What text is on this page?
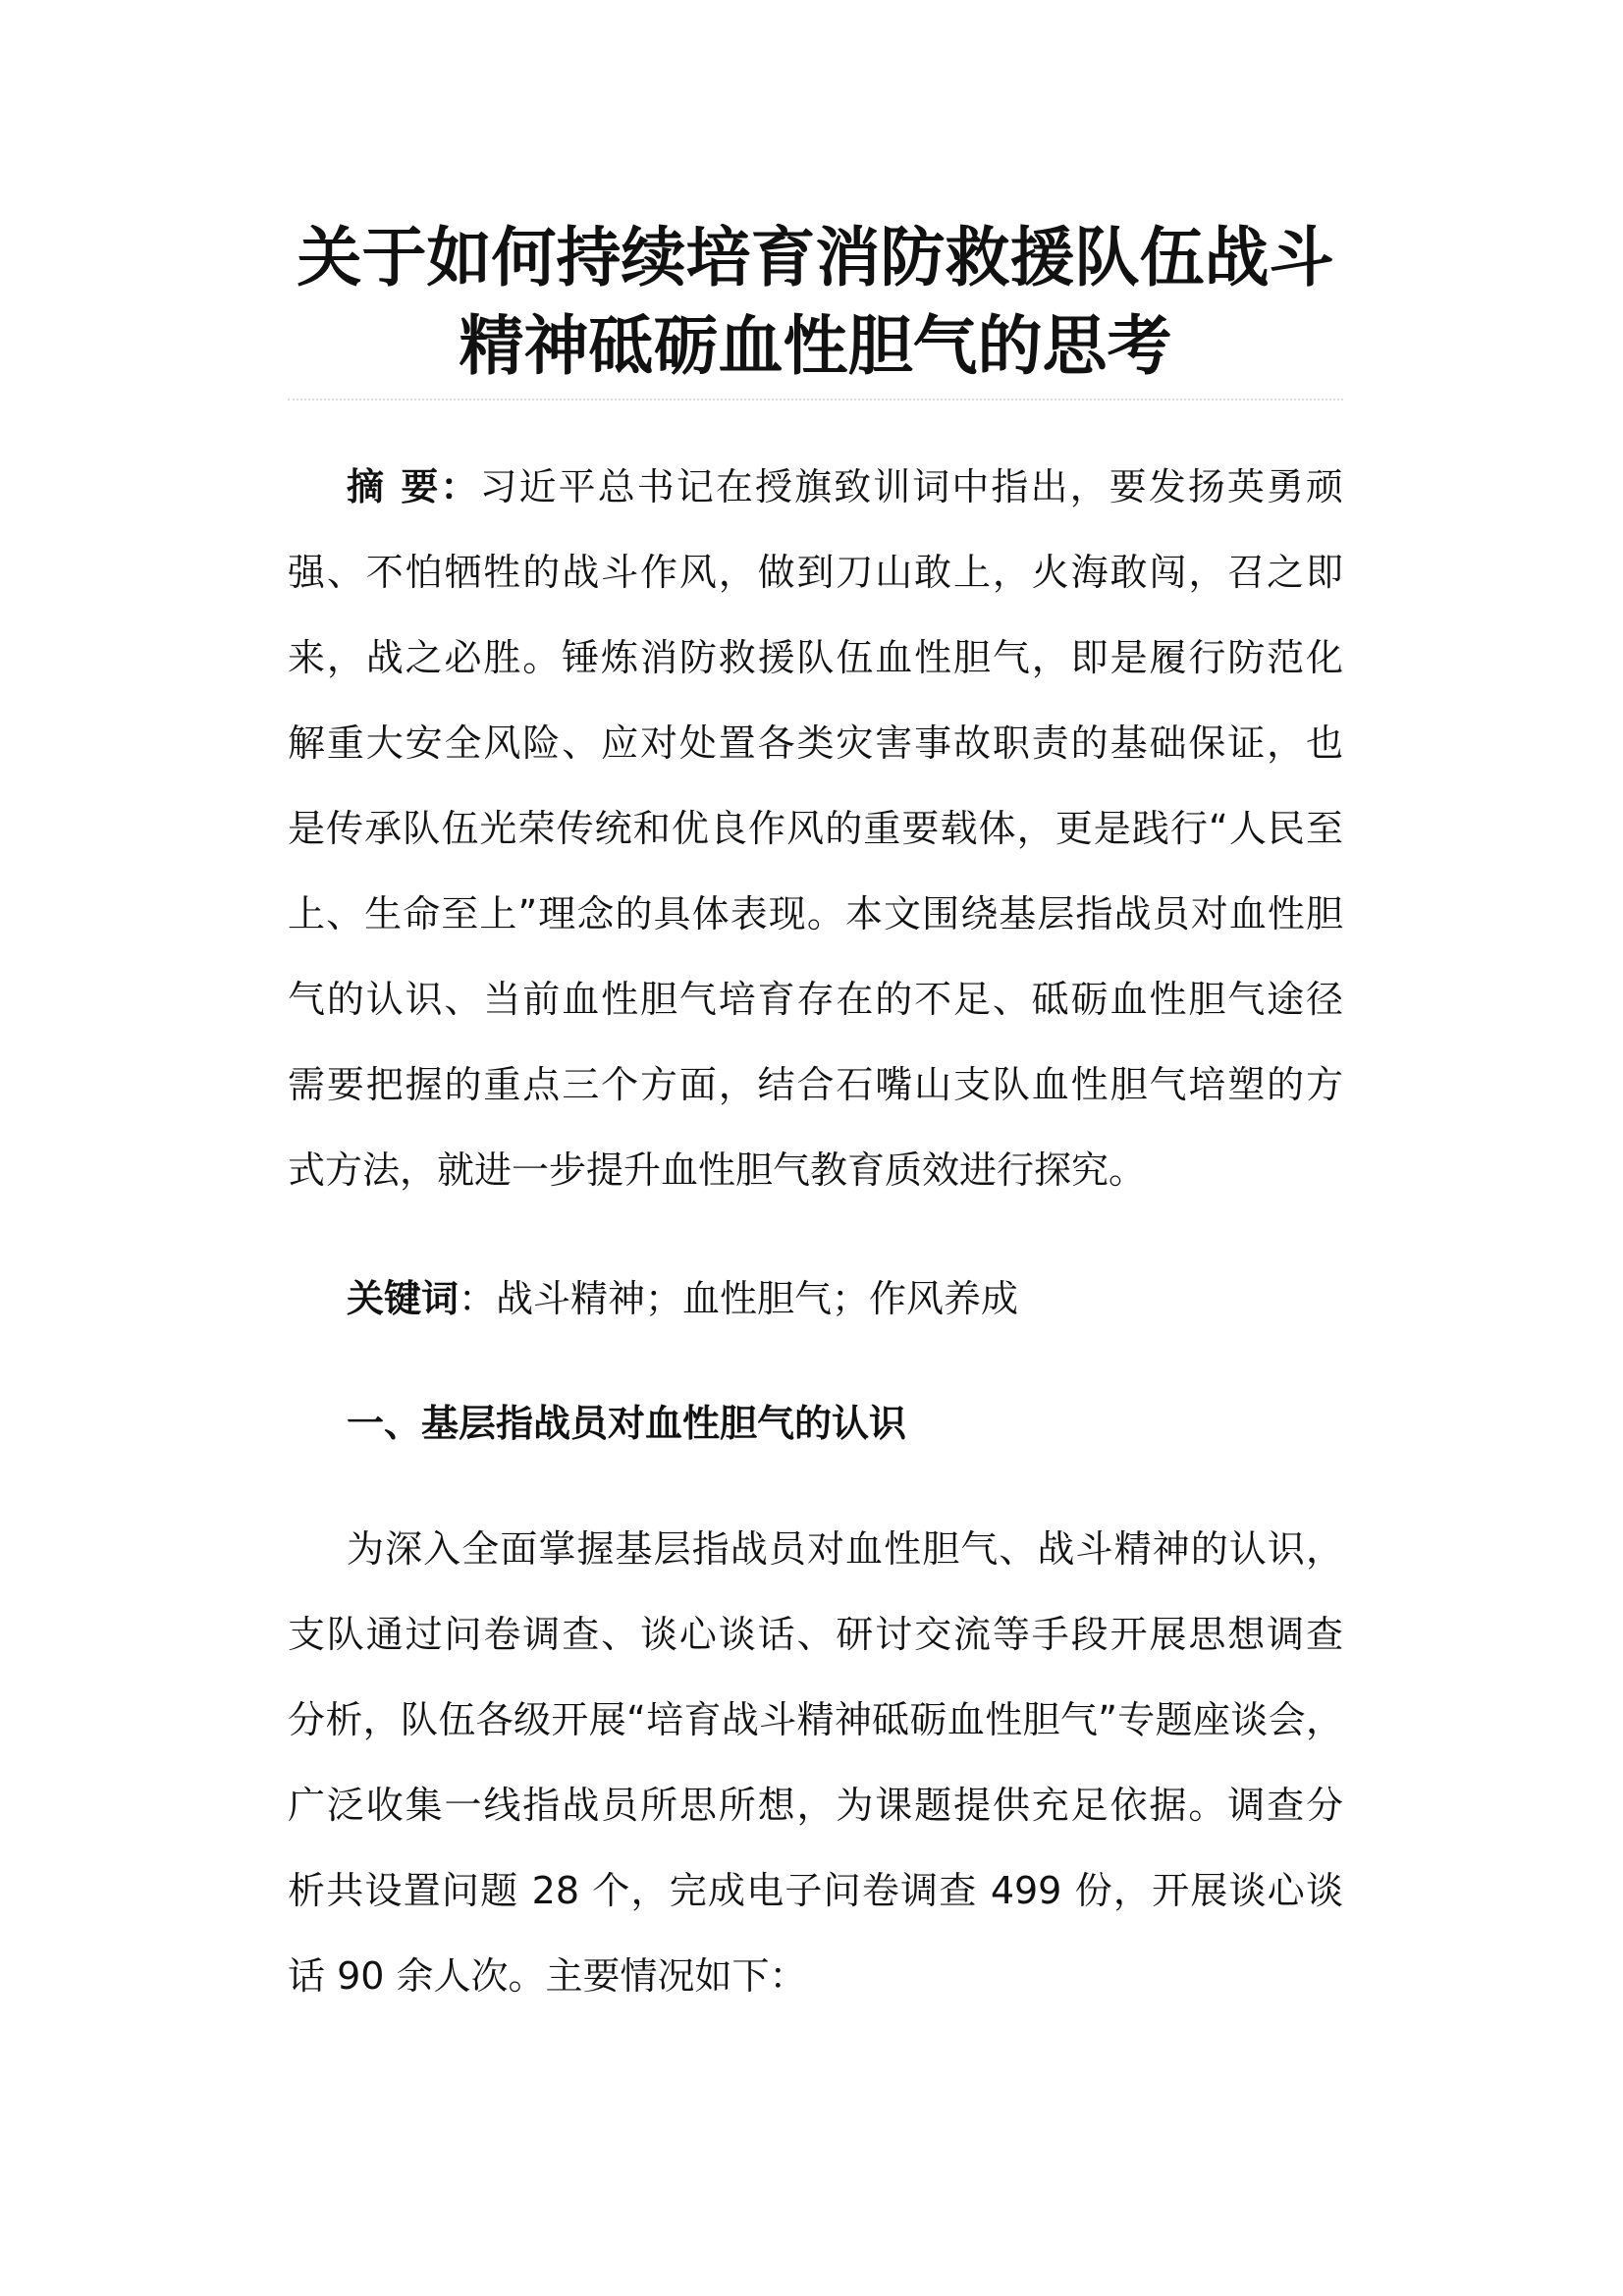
关于如何持续培育消防救援队伍战斗
精神砥砺血性胆气的思考
摘 要：习近平总书记在授旗致训词中指出，要发扬英勇顽
强、不怕牺牲的战斗作风，做到刀山敢上，火海敢闯，召之即
来，战之必胜。锤炼消防救援队伍血性胆气，即是履行防范化
解重大安全风险、应对处置各类灾害事故职责的基础保证，也
是传承队伍光荣传统和优良作风的重要载体，更是践行“人民至
上、生命至上”理念的具体表现。本文围绕基层指战员对血性胆
气的认识、当前血性胆气培育存在的不足、砥砺血性胆气途径
需要把握的重点三个方面，结合石嘴山支队血性胆气培塑的方
式方法，就进一步提升血性胆气教育质效进行探究。
关键词：战斗精神；血性胆气；作风养成
一、基层指战员对血性胆气的认识
为深入全面掌握基层指战员对血性胆气、战斗精神的认识，
支队通过问卷调查、谈心谈话、研讨交流等手段开展思想调查
分析，队伍各级开展“培育战斗精神砥砺血性胆气”专题座谈会，
广泛收集一线指战员所思所想，为课题提供充足依据。调查分
析共设置问题 28 个，完成电子问卷调查 499 份，开展谈心谈
话 90 余人次。主要情况如下：
